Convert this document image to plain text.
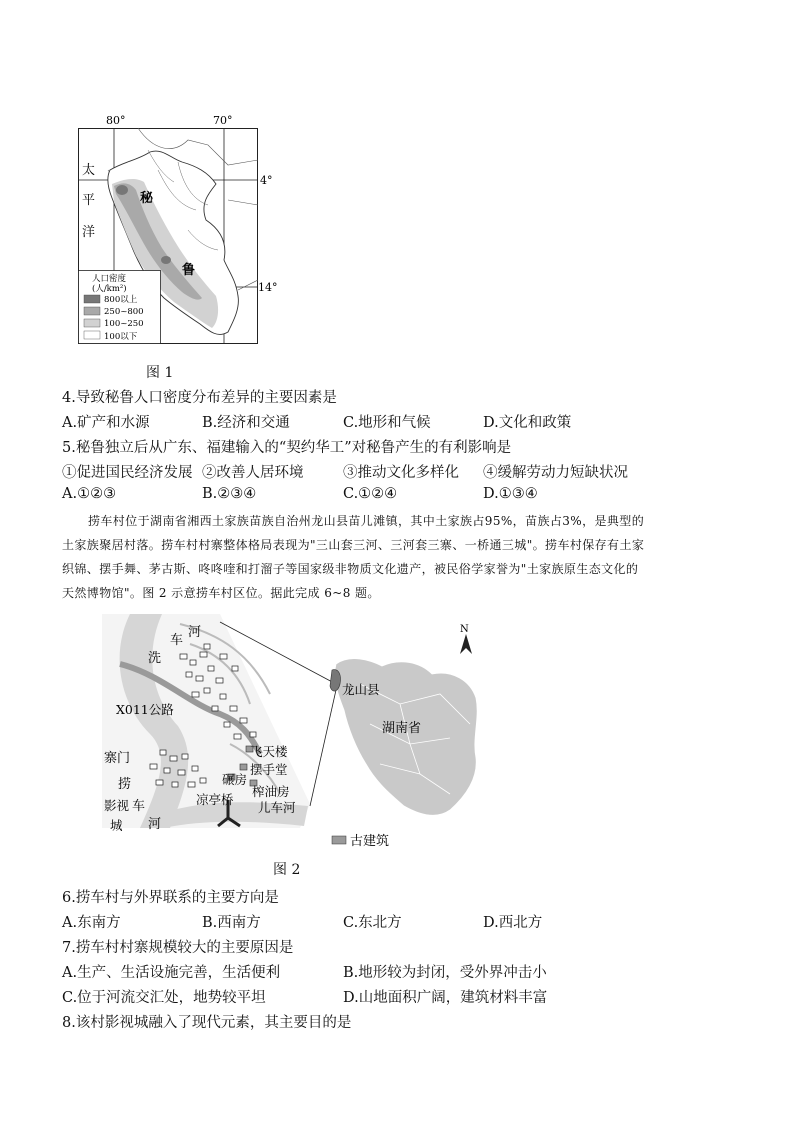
80°	70°
4°
14°
太
平
洋
秘
鲁
人口密度
(人/km²)
800以上
250~800
100~250
100以下
图 1
4.导致秘鲁人口密度分布差异的主要因素是
A.矿产和水源	B.经济和交通	C.地形和气候	D.文化和政策
5.秘鲁独立后从广东、福建输入的“契约华工”对秘鲁产生的有利影响是
①促进国民经济发展 ②改善人居环境	③推动文化多样化 ④缓解劳动力短缺状况
A.①②③	B.②③④	C.①②④	D.①③④
捞车村位于湖南省湘西土家族苗族自治州龙山县苗儿滩镇，其中土家族占95%，苗族占3%，是典型的
土家族聚居村落。捞车村村寨整体格局表现为"三山套三河、三河套三寨、一桥通三城"。捞车村保存有土家
织锦、摆手舞、茅古斯、咚咚喹和打溜子等国家级非物质文化遗产，被民俗学家誉为"土家族原生态文化的
天然博物馆"。图 2 示意捞车村区位。据此完成 6~8 题。
N
车
河
洗
X011公路
寨门
捞
车
河
影视
城
飞天楼
摆手堂
碾房
凉亭桥
榨油房
儿车河
龙山县
湖南省
古建筑
图 2
6.捞车村与外界联系的主要方向是
A.东南方	B.西南方	C.东北方	D.西北方
7.捞车村村寨规模较大的主要原因是
A.生产、生活设施完善，生活便利	B.地形较为封闭，受外界冲击小
C.位于河流交汇处，地势较平坦	D.山地面积广阔，建筑材料丰富
8.该村影视城融入了现代元素，其主要目的是
